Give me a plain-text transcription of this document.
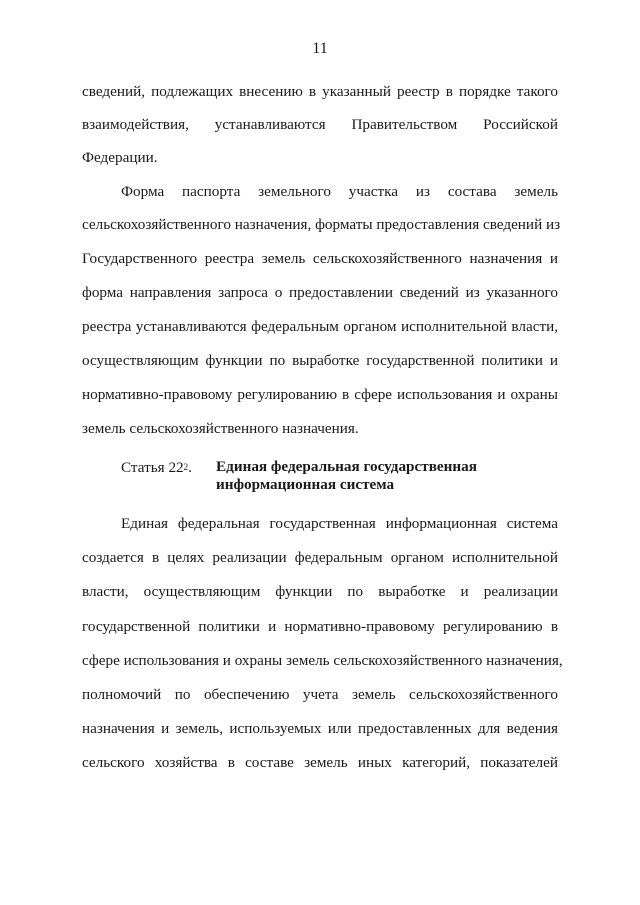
11
сведений, подлежащих внесению в указанный реестр в порядке такого
взаимодействия, устанавливаются Правительством Российской
Федерации.
Форма паспорта земельного участка из состава земель
сельскохозяйственного назначения, форматы предоставления сведений из
Государственного реестра земель сельскохозяйственного назначения и
форма направления запроса о предоставлении сведений из указанного
реестра устанавливаются федеральным органом исполнительной власти,
осуществляющим функции по выработке государственной политики и
нормативно-правовому регулированию в сфере использования и охраны
земель сельскохозяйственного назначения.
Статья $22^2$. Единая федеральная государственная
информационная система
Единая федеральная государственная информационная система
создается в целях реализации федеральным органом исполнительной
власти, осуществляющим функции по выработке и реализации
государственной политики и нормативно-правовому регулированию в
сфере использования и охраны земель сельскохозяйственного назначения,
полномочий по обеспечению учета земель сельскохозяйственного
назначения и земель, используемых или предоставленных для ведения
сельского хозяйства в составе земель иных категорий, показателей
